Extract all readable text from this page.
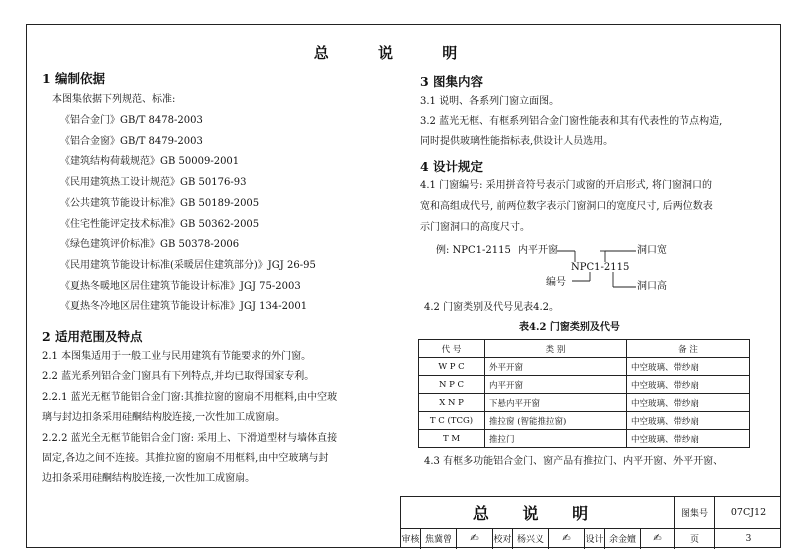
总 说 明
1 编制依据
本图集依据下列规范、标准:
《铝合金门》GB/T 8478-2003
《铝合金窗》GB/T 8479-2003
《建筑结构荷载规范》GB 50009-2001
《民用建筑热工设计规范》GB 50176-93
《公共建筑节能设计标准》GB 50189-2005
《住宅性能评定技术标准》GB 50362-2005
《绿色建筑评价标准》GB 50378-2006
《民用建筑节能设计标准(采暖居住建筑部分)》JGJ 26-95
《夏热冬暖地区居住建筑节能设计标准》JGJ 75-2003
《夏热冬冷地区居住建筑节能设计标准》JGJ 134-2001
2 适用范围及特点
2.1 本图集适用于一般工业与民用建筑有节能要求的外门窗。
2.2 蓝光系列铝合金门窗具有下列特点,并均已取得国家专利。
2.2.1 蓝光无框节能铝合金门窗:其推拉窗的窗扇不用框料,由中空玻
璃与封边扣条采用硅酮结构胶连接,一次性加工成窗扇。
2.2.2 蓝光全无框节能铝合金门窗: 采用上、下滑道型材与墙体直接
固定,各边之间不连接。其推拉窗的窗扇不用框料,由中空玻璃与封
边扣条采用硅酮结构胶连接,一次性加工成窗扇。
3 图集内容
3.1 说明、各系列门窗立面图。
3.2 蓝光无框、有框系列铝合金门窗性能表和其有代表性的节点构造,
同时提供玻璃性能指标表,供设计人员选用。
4 设计规定
4.1 门窗编号: 采用拼音符号表示门或窗的开启形式, 将门窗洞口的
宽和高组成代号, 前两位数字表示门窗洞口的宽度尺寸, 后两位数表
示门窗洞口的高度尺寸。
例: NPC1-2115 内平开窗
NPC1-2115
洞口宽
编号	洞口高
4.2 门窗类别及代号见表4.2。
表4.2 门窗类别及代号
代 号	类 别	备 注
W P C	外平开窗	中空玻璃、带纱扇
N P C	内平开窗	中空玻璃、带纱扇
X N P	下悬内平开窗	中空玻璃、带纱扇
T C (TCG)	推拉窗 (智能推拉窗)	中空玻璃、带纱扇
T M	推拉门	中空玻璃、带纱扇
4.3 有框多功能铝合金门、窗产品有推拉门、内平开窗、外平开窗、
总 说 明	图集号	07CJ12
审核 焦冀曾	✍	校对 杨兴义	✍	设计 余金嬗	✍	页	3
